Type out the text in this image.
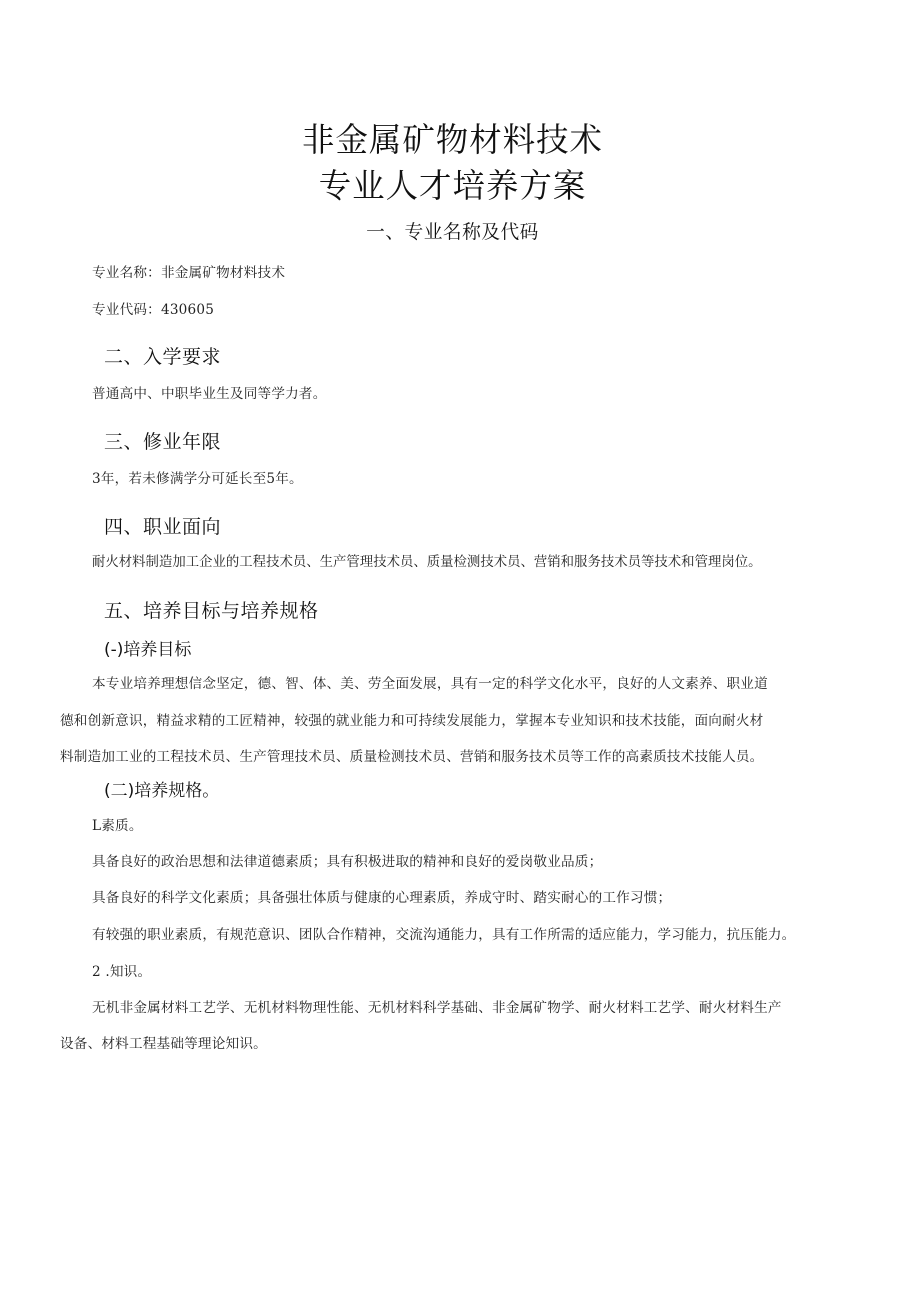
非金属矿物材料技术
专业人才培养方案
一、专业名称及代码
专业名称：非金属矿物材料技术
专业代码：430605
二、入学要求
普通高中、中职毕业生及同等学力者。
三、修业年限
3年，若未修满学分可延长至5年。
四、职业面向
耐火材料制造加工企业的工程技术员、生产管理技术员、质量检测技术员、营销和服务技术员等技术和管理岗位。
五、培养目标与培养规格
(-)培养目标
本专业培养理想信念坚定，德、智、体、美、劳全面发展，具有一定的科学文化水平，良好的人文素养、职业道
德和创新意识，精益求精的工匠精神，较强的就业能力和可持续发展能力，掌握本专业知识和技术技能，面向耐火材
料制造加工业的工程技术员、生产管理技术员、质量检测技术员、营销和服务技术员等工作的高素质技术技能人员。
(二)培养规格。
L素质。
具备良好的政治思想和法律道德素质；具有积极进取的精神和良好的爱岗敬业品质；
具备良好的科学文化素质；具备强壮体质与健康的心理素质，养成守时、踏实耐心的工作习惯；
有较强的职业素质，有规范意识、团队合作精神，交流沟通能力，具有工作所需的适应能力，学习能力，抗压能力。
2 .知识。
无机非金属材料工艺学、无机材料物理性能、无机材料科学基础、非金属矿物学、耐火材料工艺学、耐火材料生产
设备、材料工程基础等理论知识。
